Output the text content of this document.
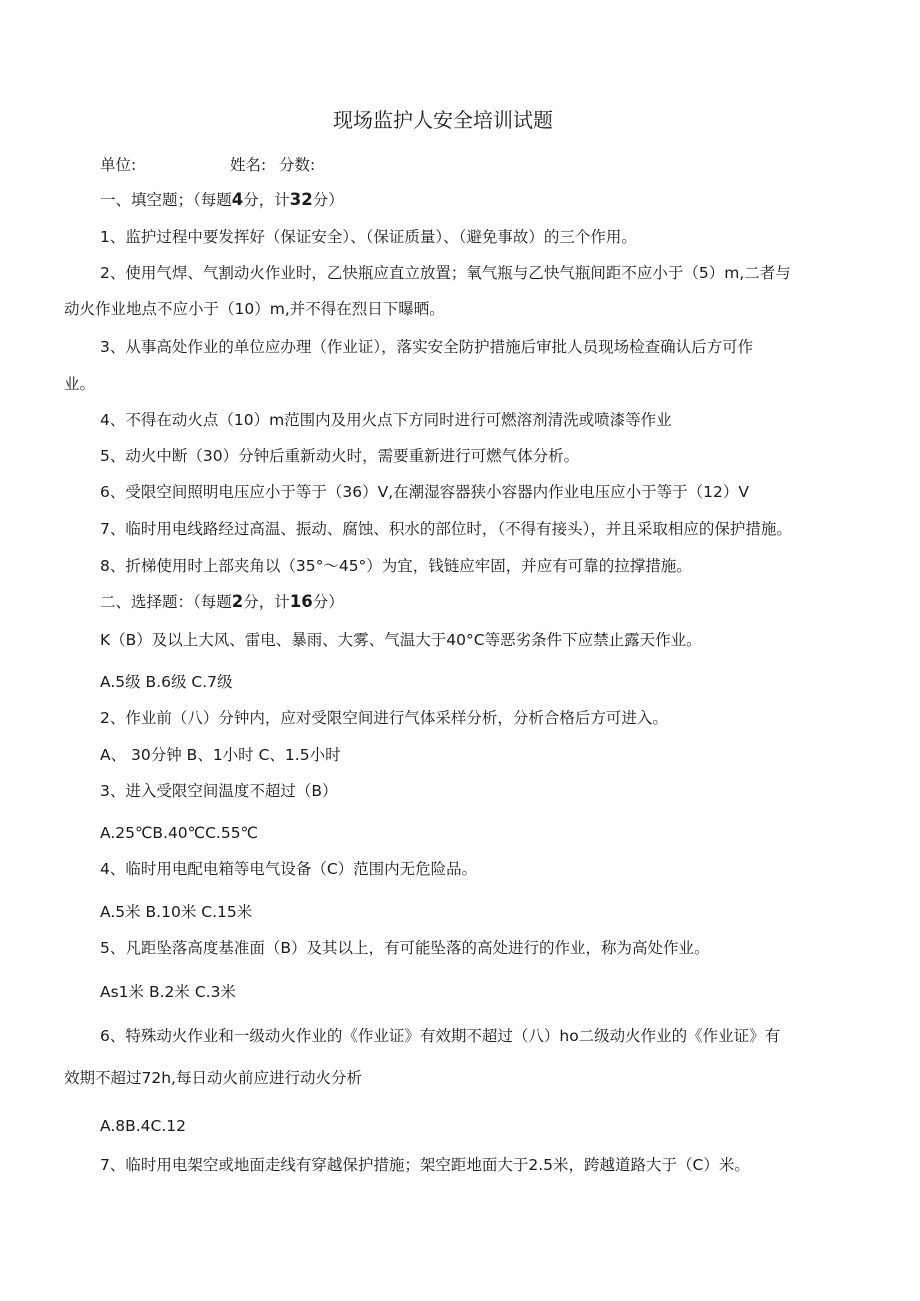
现场监护人安全培训试题
单位:	姓名: 分数:
一、填空题；（每题4分，计32分）
1、监护过程中要发挥好（保证安全）、（保证质量）、（避免事故）的三个作用。
2、使用气焊、气割动火作业时，乙快瓶应直立放置；氧气瓶与乙快气瓶间距不应小于（5）m,二者与
动火作业地点不应小于（10）m,并不得在烈日下曝晒。
3、从事高处作业的单位应办理（作业证），落实安全防护措施后审批人员现场检查确认后方可作
业。
4、不得在动火点（10）m范围内及用火点下方同时进行可燃溶剂清洗或喷漆等作业
5、动火中断（30）分钟后重新动火时，需要重新进行可燃气体分析。
6、受限空间照明电压应小于等于（36）V,在潮湿容器狭小容器内作业电压应小于等于（12）V
7、临时用电线路经过高温、振动、腐蚀、积水的部位时，（不得有接头），并且采取相应的保护措施。
8、折梯使用时上部夹角以（35°〜45°）为宜，钱链应牢固，并应有可靠的拉撑措施。
二、选择题：（每题2分，计16分）
K（B）及以上大风、雷电、暴雨、大雾、气温大于40°C等恶劣条件下应禁止露天作业。
A.5级 B.6级 C.7级
2、作业前（八）分钟内，应对受限空间进行气体采样分析，分析合格后方可进入。
A、 30分钟 B、1小时 C、1.5小时
3、进入受限空间温度不超过（B）
A.25℃B.40℃C.55℃
4、临时用电配电箱等电气设备（C）范围内无危险品。
A.5米 B.10米 C.15米
5、凡距坠落高度基准面（B）及其以上，有可能坠落的高处进行的作业，称为高处作业。
As1米 B.2米 C.3米
6、特殊动火作业和一级动火作业的《作业证》有效期不超过（八）ho二级动火作业的《作业证》有
效期不超过72h,每日动火前应进行动火分析
A.8B.4C.12
7、临时用电架空或地面走线有穿越保护措施；架空距地面大于2.5米，跨越道路大于（C）米。
